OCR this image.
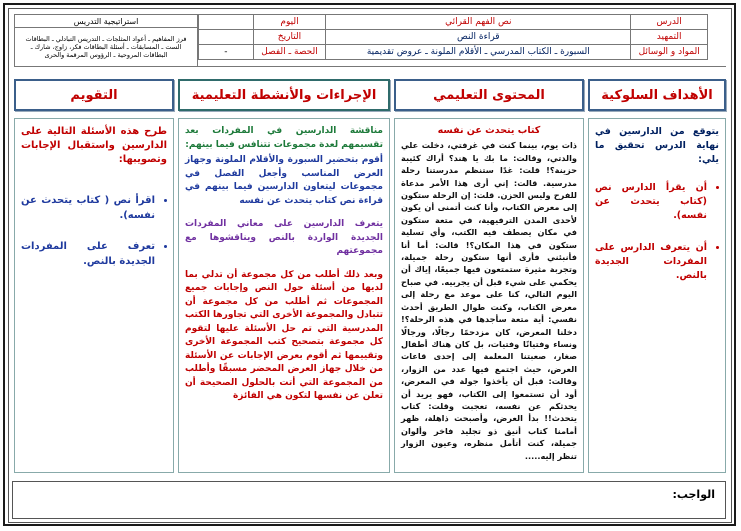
استراتيجية التدريس
فرز المفاهيم ـ أعواد المثلجات ـ التدريس التبادلي ـ البطاقات الست ـ المسابقات ـ أسئلة البطاقات فكر، زاوج، شارك ـ البطاقات المروحية ـ الرؤوس المرقمة والحرى
	اليوم	نص الفهم القرائي	الدرس
	التاريخ	قراءة النص	التمهيد
-	الحصة ـ الفصل	السبورة ـ الكتاب المدرسي ـ الأقلام الملونة ـ عروض تقديمية	المواد و الوسائل
التقويم	الإجراءات والأنشطة التعليمية	المحتوى التعليمي	الأهداف السلوكية

طرح هذه الأسئلة التالية على الدارسين واستقبال الإجابات وتصويبها:

• اقرأ نص ( كتاب يتحدث عن نفسه).
• تعرف على المفردات الجديدة بالنص.

مناقشة الدارسين في المفردات بعد تقسيمهم لعدة مجموعات تتنافس فيما بينهم:

أقوم بتحضير السبورة والأقلام الملونة وجهاز العرض المناسب وأجعل الفصل في مجموعات ليتعاون الدارسين فيما بينهم في قراءة نص كتاب يتحدث عن نفسه

يتعرف الدارسين على معاني المفردات الجديدة الواردة بالنص ويناقشوها مع مجموعتهم

وبعد ذلك أطلب من كل مجموعة أن تدلي بما لديها من أسئلة حول النص وإجابات جميع المجموعات ثم أطلب من كل مجموعة أن تتبادل والمجموعة الأخرى التي تجاورها الكتب المدرسية التي تم حل الأسئلة عليها لتقوم كل مجموعة بتصحيح كتب المجموعة الأخرى وتقييمها ثم أقوم بعرض الإجابات عن الأسئلة من خلال جهاز العرض المحضر مسبقًا وأطلب من المجموعة التي أتت بالحلول الصحيحة أن تعلن عن نفسها لتكون هي الفائزة

كتاب يتحدث عن نفسه

ذات يوم، بينما كنت في غرفتي، دخلت علي والدتي، وقالت: ما بك يا هند؟ أراك كئيبة حزينة؟! قلت: غدًا ستنظم مدرستنا رحلة مدرسية. قالت: إني أرى هذا الأمر مدعاة للفرح وليس الحزن. قلت: إن الرحلة ستكون إلى معرض الكتاب، وأنا كنت أتمنى أن يكون لأحدى المدن الترفيهية، في متعة ستكون في مكان يصطف فيه الكتب، وأي تسلية ستكون في هذا المكان؟! قالت: أما أنا فأنبئني فأرى أنها ستكون رحلة جميلة، وتجربة مثيرة ستمتعون فيها جميعًا، إياك أن يحكمي على شيء قبل أن يجربيه. في صباح اليوم التالي، كنا على موعد مع رحلة إلى معرض الكتاب، وكنت طوال الطريق أحدث نفسي: أية متعة سأجدها في هذه الرحلة؟! دخلنا المعرض، كان مزدحمًا رجالًا، ورجالًا ونساء وفتيانًا وفتيات، بل كان هناك أطفال صغار، صعبتنا المعلمة إلى إحدى قاعات العرض، حيث اجتمع فيها عدد من الزوار، وقالت: قبل أن يأخذوا جولة في المعرض، أود أن تستمعوا إلى الكتاب، فهو يريد أن يحدثكم عن نفسه، تعجبت وقلت: كتاب يتحدث!! بدأ العرض، وأصبحت ذاهلة، ظهر أمامنا كتاب أنيق ذو تجليد فاخر وألوان جميلة، كنت أتأمل منظره، وعيون الزوار تنظر إليه.....

يتوقع من الدارسين في نهاية الدرس تحقيق ما يلي:

• أن يقرأ الدارس نص (كتاب يتحدث عن نفسه).
• أن يتعرف الدارس على المفردات الجديدة بالنص.
الواجب:
